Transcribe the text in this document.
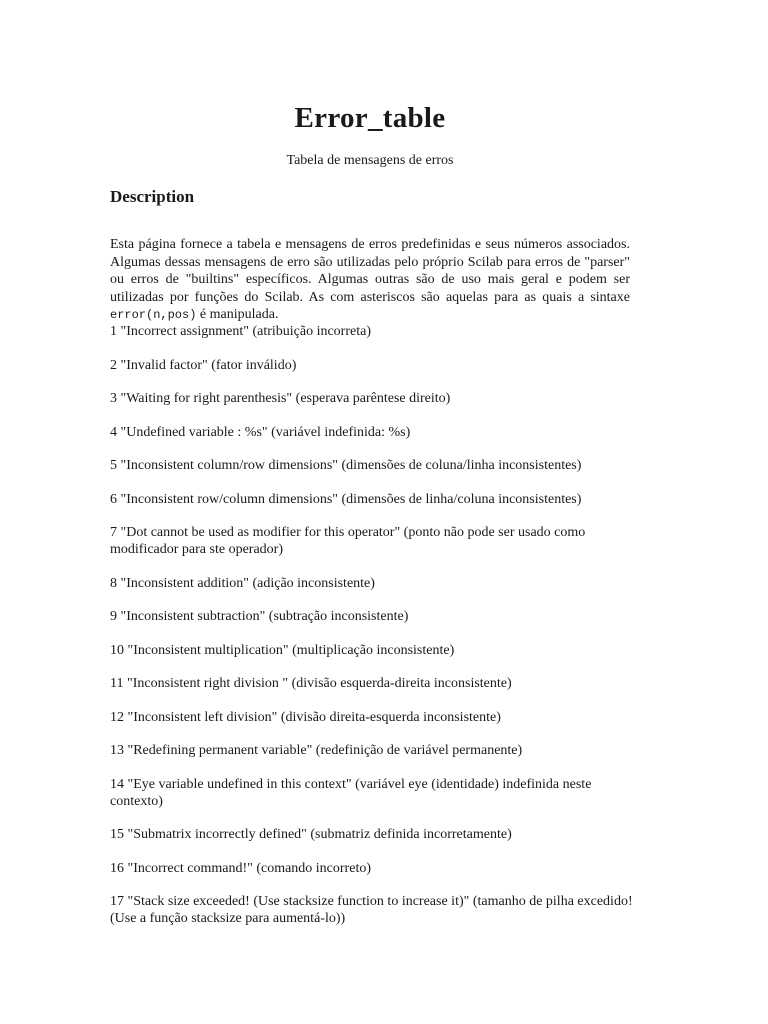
Error_table
Tabela de mensagens de erros
Description

Esta página fornece a tabela e mensagens de erros predefinidas e seus números associados. Algumas dessas mensagens de erro são utilizadas pelo próprio Scilab para erros de "parser" ou erros de "builtins" específicos. Algumas outras são de uso mais geral e podem ser utilizadas por funções do Scilab. As com asteriscos são aquelas para as quais a sintaxe error(n,pos) é manipulada.

1 "Incorrect assignment" (atribuição incorreta)
2 "Invalid factor" (fator inválido)
3 "Waiting for right parenthesis" (esperava parêntese direito)
4 "Undefined variable : %s" (variável indefinida: %s)
5 "Inconsistent column/row dimensions" (dimensões de coluna/linha inconsistentes)
6 "Inconsistent row/column dimensions" (dimensões de linha/coluna inconsistentes)
7 "Dot cannot be used as modifier for this operator" (ponto não pode ser usado como modificador para ste operador)
8 "Inconsistent addition" (adição inconsistente)
9 "Inconsistent subtraction" (subtração inconsistente)
10 "Inconsistent multiplication" (multiplicação inconsistente)
11 "Inconsistent right division " (divisão esquerda-direita inconsistente)
12 "Inconsistent left division" (divisão direita-esquerda inconsistente)
13 "Redefining permanent variable" (redefinição de variável permanente)
14 "Eye variable undefined in this context" (variável eye (identidade) indefinida neste contexto)
15 "Submatrix incorrectly defined" (submatriz definida incorretamente)
16 "Incorrect command!" (comando incorreto)
17 "Stack size exceeded! (Use stacksize function to increase it)" (tamanho de pilha excedido! (Use a função stacksize para aumentá-lo))
